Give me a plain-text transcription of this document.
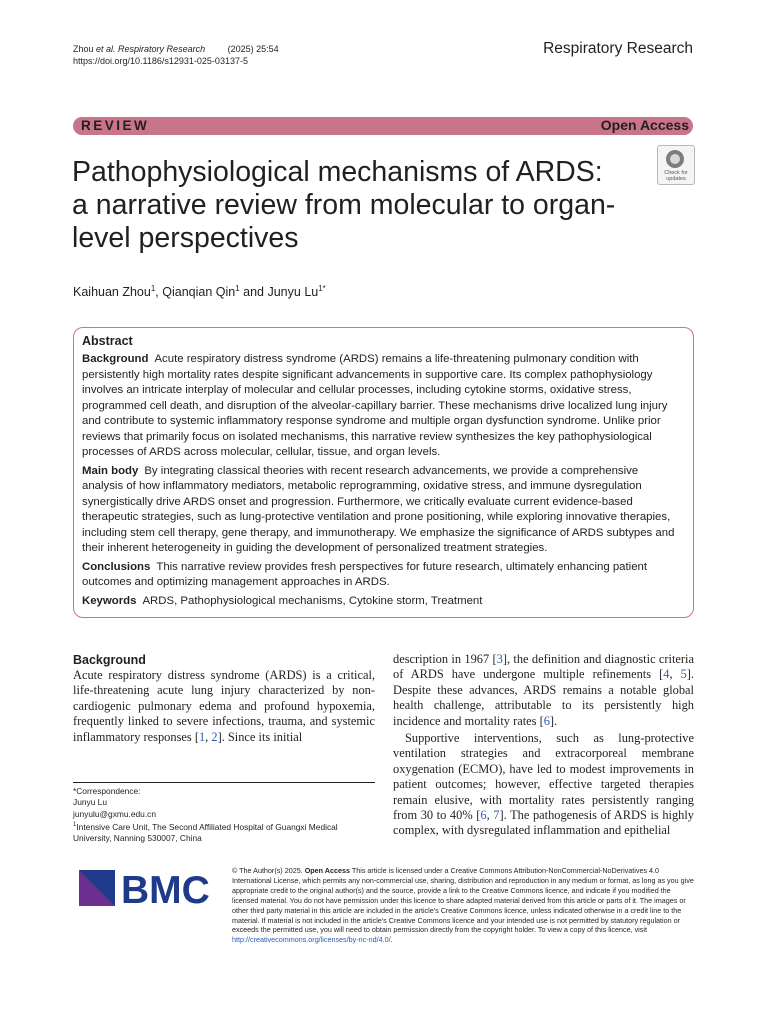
Zhou et al. Respiratory Research	(2025) 25:54
https://doi.org/10.1186/s12931-025-03137-5
Respiratory Research
REVIEW	Open Access
Pathophysiological mechanisms of ARDS:
a narrative review from molecular to organ-
level perspectives
Check for
updates
Kaihuan Zhou$^1$, Qianqian Qin$^1$ and Junyu $Lu^{1*}$

Abstract

Background Acute respiratory distress syndrome (ARDS) remains a life-threatening pulmonary condition with persistently high mortality rates despite significant advancements in supportive care. Its complex pathophysiology involves an intricate interplay of molecular and cellular processes, including cytokine storms, oxidative stress, programmed cell death, and disruption of the alveolar-capillary barrier. These mechanisms drive localized lung injury and contribute to systemic inflammatory response syndrome and multiple organ dysfunction syndrome. Unlike prior reviews that primarily focus on isolated mechanisms, this narrative review synthesizes the key pathophysiological processes of ARDS across molecular, cellular, tissue, and organ levels.

Main body By integrating classical theories with recent research advancements, we provide a comprehensive analysis of how inflammatory mediators, metabolic reprogramming, oxidative stress, and immune dysregulation synergistically drive ARDS onset and progression. Furthermore, we critically evaluate current evidence-based therapeutic strategies, such as lung-protective ventilation and prone positioning, while exploring innovative therapies, including stem cell therapy, gene therapy, and immunotherapy. We emphasize the significance of ARDS subtypes and their inherent heterogeneity in guiding the development of personalized treatment strategies.

Conclusions This narrative review provides fresh perspectives for future research, ultimately enhancing patient outcomes and optimizing management approaches in ARDS.

Keywords ARDS, Pathophysiological mechanisms, Cytokine storm, Treatment

Background

Acute respiratory distress syndrome (ARDS) is a critical, life-threatening acute lung injury characterized by non-cardiogenic pulmonary edema and profound hypoxemia, frequently linked to severe infections, trauma, and systemic inflammatory responses [1, 2]. Since its initial

description in 1967 [3], the definition and diagnostic criteria of ARDS have undergone multiple refinements [4, 5]. Despite these advances, ARDS remains a notable global health challenge, attributable to its persistently high incidence and mortality rates [6].

Supportive interventions, such as lung-protective ventilation strategies and extracorporeal membrane oxygenation (ECMO), have led to modest improvements in patient outcomes; however, effective targeted therapies remain elusive, with mortality rates persistently ranging from 30 to 40% [6, 7]. The pathogenesis of ARDS is highly complex, with dysregulated inflammation and epithelial

*Correspondence:

Junyu Lu

junyulu@gxmu.edu.cn

$^1$Intensive Care Unit, The Second Affiliated Hospital of Guangxi Medical University, Nanning 530007, China

BMC	© The Author(s) 2025. Open Access This article is licensed under a Creative Commons Attribution-NonCommercial-NoDerivatives 4.0 International License, which permits any non-commercial use, sharing, distribution and reproduction in any medium or format, as long as you give appropriate credit to the original author(s) and the source, provide a link to the Creative Commons licence, and indicate if you modified the licensed material. You do not have permission under this licence to share adapted material derived from this article or parts of it. The images or other third party material in this article are included in the article's Creative Commons licence, unless indicated otherwise in a credit line to the material. If material is not included in the article's Creative Commons licence and your intended use is not permitted by statutory regulation or exceeds the permitted use, you will need to obtain permission directly from the copyright holder. To view a copy of this licence, visit http://creativecommons.org/licenses/by-nc-nd/4.0/.
